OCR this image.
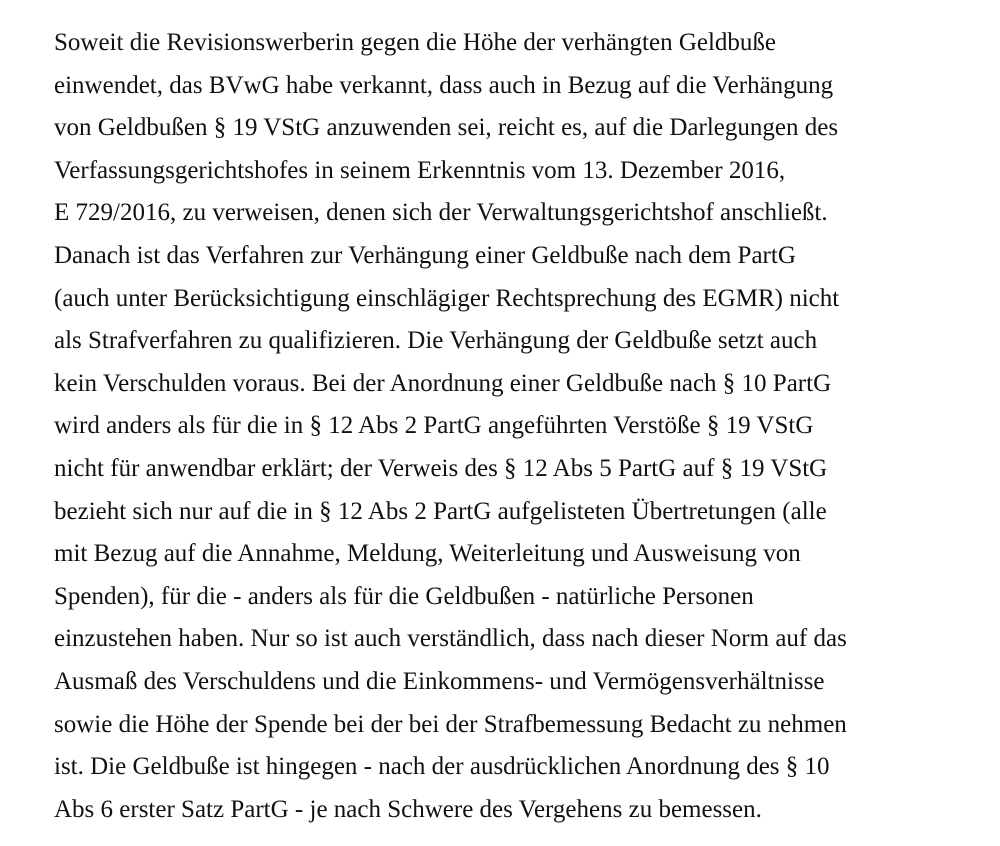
Soweit die Revisionswerberin gegen die Höhe der verhängten Geldbuße
einwendet, das BVwG habe verkannt, dass auch in Bezug auf die Verhängung
von Geldbußen § 19 VStG anzuwenden sei, reicht es, auf die Darlegungen des
Verfassungsgerichtshofes in seinem Erkenntnis vom 13. Dezember 2016,
E 729/2016, zu verweisen, denen sich der Verwaltungsgerichtshof anschließt.
Danach ist das Verfahren zur Verhängung einer Geldbuße nach dem PartG
(auch unter Berücksichtigung einschlägiger Rechtsprechung des EGMR) nicht
als Strafverfahren zu qualifizieren. Die Verhängung der Geldbuße setzt auch
kein Verschulden voraus. Bei der Anordnung einer Geldbuße nach § 10 PartG
wird anders als für die in § 12 Abs 2 PartG angeführten Verstöße § 19 VStG
nicht für anwendbar erklärt; der Verweis des § 12 Abs 5 PartG auf § 19 VStG
bezieht sich nur auf die in § 12 Abs 2 PartG aufgelisteten Übertretungen (alle
mit Bezug auf die Annahme, Meldung, Weiterleitung und Ausweisung von
Spenden), für die - anders als für die Geldbußen - natürliche Personen
einzustehen haben. Nur so ist auch verständlich, dass nach dieser Norm auf das
Ausmaß des Verschuldens und die Einkommens- und Vermögensverhältnisse
sowie die Höhe der Spende bei der bei der Strafbemessung Bedacht zu nehmen
ist. Die Geldbuße ist hingegen - nach der ausdrücklichen Anordnung des § 10
Abs 6 erster Satz PartG - je nach Schwere des Vergehens zu bemessen.
